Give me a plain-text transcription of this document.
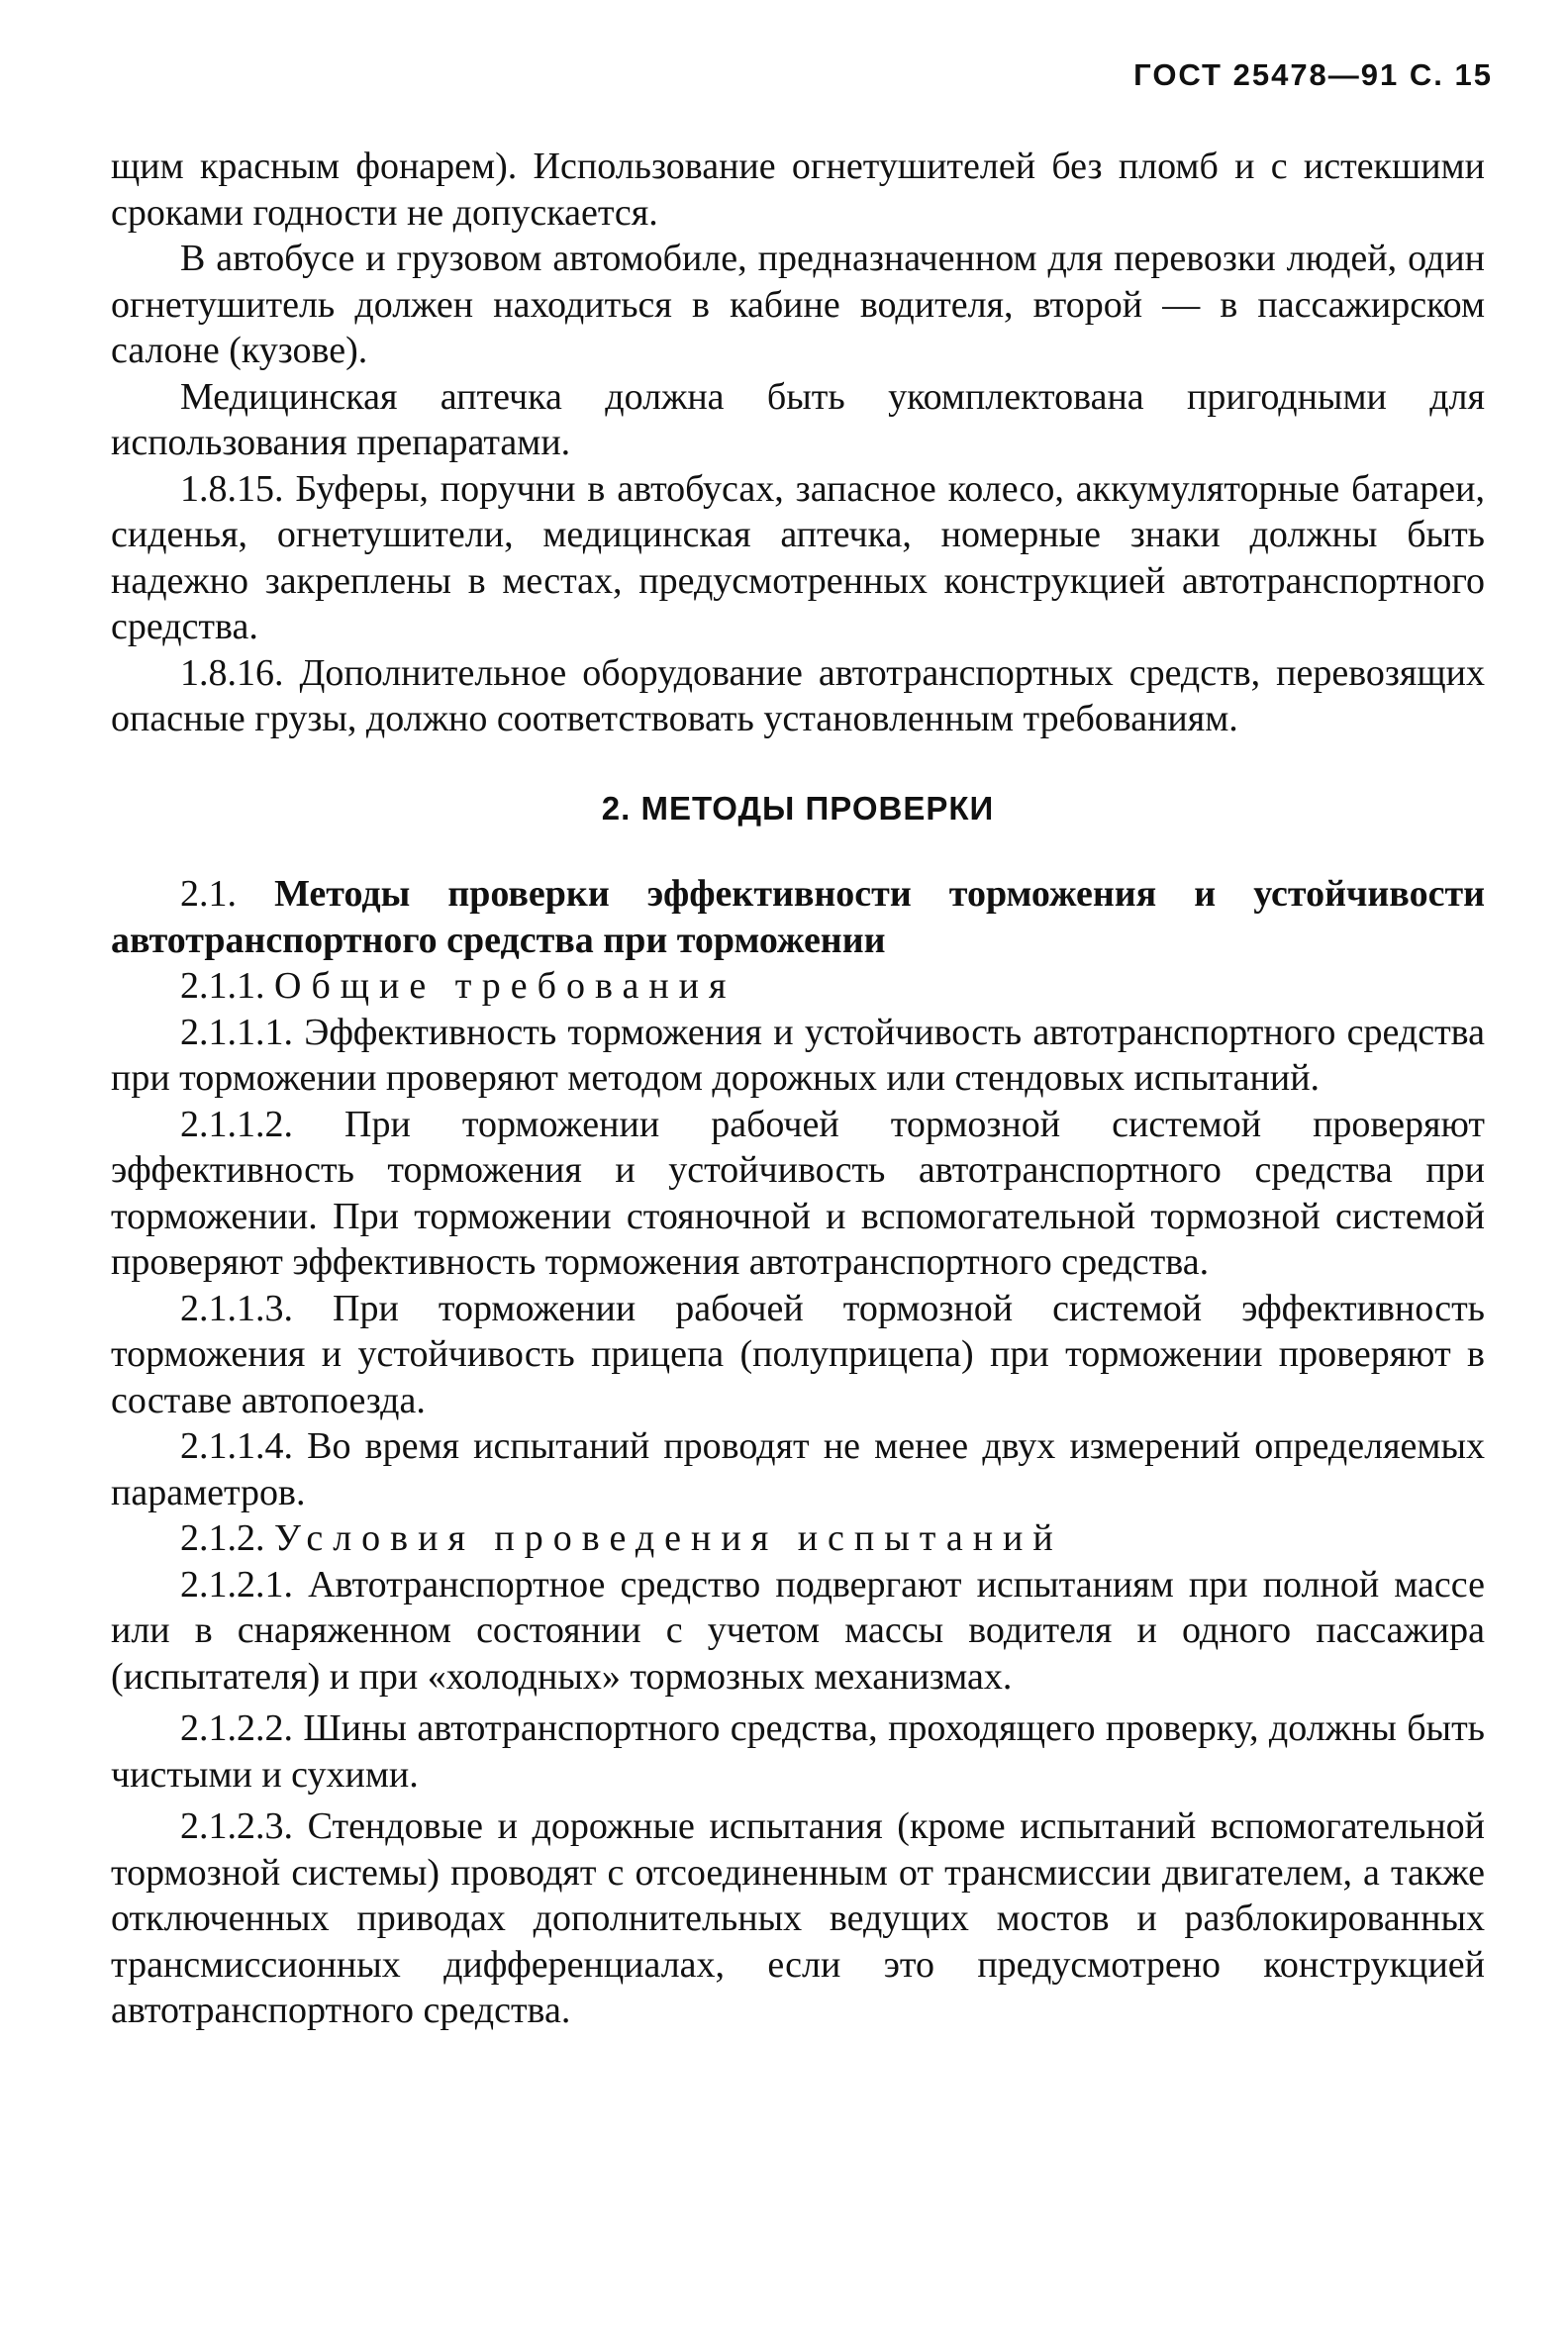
ГОСТ 25478—91 С. 15

щим красным фонарем). Использование огнетушителей без пломб и с истекшими сроками годности не допускается.

В автобусе и грузовом автомобиле, предназначенном для перевозки людей, один огнетушитель должен находиться в кабине водителя, второй — в пассажирском салоне (кузове).

Медицинская аптечка должна быть укомплектована пригодными для использования препаратами.

1.8.15. Буферы, поручни в автобусах, запасное колесо, аккумуляторные батареи, сиденья, огнетушители, медицинская аптечка, номерные знаки должны быть надежно закреплены в местах, предусмотренных конструкцией автотранспортного средства.

1.8.16. Дополнительное оборудование автотранспортных средств, перевозящих опасные грузы, должно соответствовать установленным требованиям.

2. МЕТОДЫ ПРОВЕРКИ

2.1. Методы проверки эффективности торможения и устойчивости автотранспортного средства при торможении

2.1.1. Общие требования

2.1.1.1. Эффективность торможения и устойчивость автотранспортного средства при торможении проверяют методом дорожных или стендовых испытаний.

2.1.1.2. При торможении рабочей тормозной системой проверяют эффективность торможения и устойчивость автотранспортного средства при торможении. При торможении стояночной и вспомогательной тормозной системой проверяют эффективность торможения автотранспортного средства.

2.1.1.3. При торможении рабочей тормозной системой эффективность торможения и устойчивость прицепа (полуприцепа) при торможении проверяют в составе автопоезда.

2.1.1.4. Во время испытаний проводят не менее двух измерений определяемых параметров.

2.1.2. Условия проведения испытаний

2.1.2.1. Автотранспортное средство подвергают испытаниям при полной массе или в снаряженном состоянии с учетом массы водителя и одного пассажира (испытателя) и при «холодных» тормозных механизмах.

2.1.2.2. Шины автотранспортного средства, проходящего проверку, должны быть чистыми и сухими.

2.1.2.3. Стендовые и дорожные испытания (кроме испытаний вспомогательной тормозной системы) проводят с отсоединенным от трансмиссии двигателем, а также отключенных приводах дополнительных ведущих мостов и разблокированных трансмиссионных дифференциалах, если это предусмотрено конструкцией автотранспортного средства.
